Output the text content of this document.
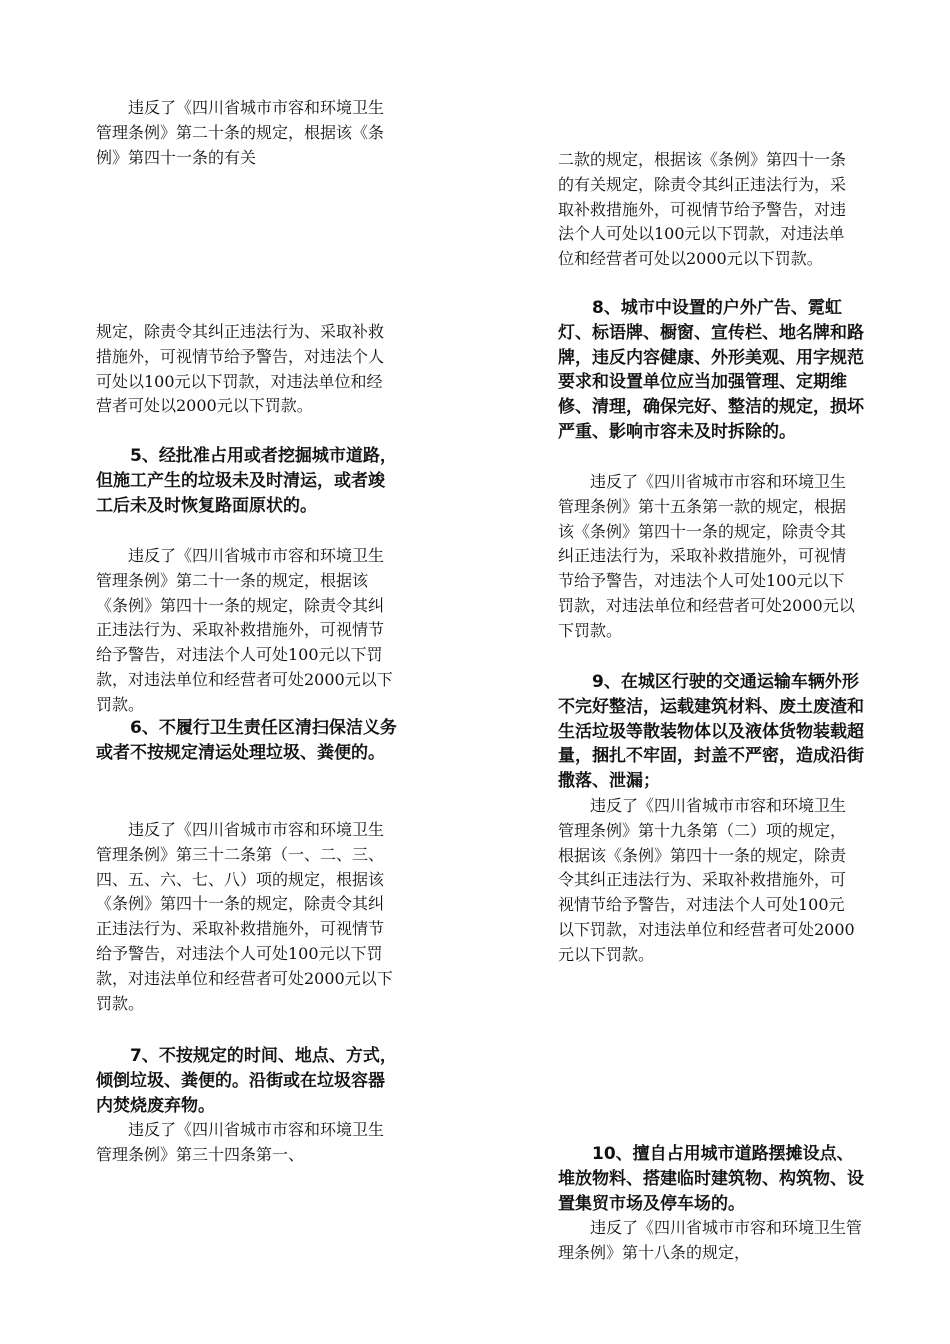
违反了《四川省城市市容和环境卫生管理条例》第二十条的规定，根据该《条例》第四十一条的有关
规定，除责令其纠正违法行为、采取补救措施外，可视情节给予警告，对违法个人可处以100元以下罚款，对违法单位和经营者可处以2000元以下罚款。
5、经批准占用或者挖掘城市道路，但施工产生的垃圾未及时清运，或者竣工后未及时恢复路面原状的。
违反了《四川省城市市容和环境卫生管理条例》第二十一条的规定，根据该《条例》第四十一条的规定，除责令其纠正违法行为、采取补救措施外，可视情节给予警告，对违法个人可处100元以下罚款，对违法单位和经营者可处2000元以下罚款。
6、不履行卫生责任区清扫保洁义务或者不按规定清运处理垃圾、粪便的。
违反了《四川省城市市容和环境卫生管理条例》第三十二条第（一、二、三、四、五、六、七、八）项的规定，根据该《条例》第四十一条的规定，除责令其纠正违法行为、采取补救措施外，可视情节给予警告，对违法个人可处100元以下罚款，对违法单位和经营者可处2000元以下罚款。
7、不按规定的时间、地点、方式，倾倒垃圾、粪便的。沿街或在垃圾容器内焚烧废弃物。
违反了《四川省城市市容和环境卫生管理条例》第三十四条第一、
二款的规定，根据该《条例》第四十一条的有关规定，除责令其纠正违法行为，采取补救措施外，可视情节给予警告，对违法个人可处以100元以下罚款，对违法单位和经营者可处以2000元以下罚款。
8、城市中设置的户外广告、霓虹灯、标语牌、橱窗、宣传栏、地名牌和路牌，违反内容健康、外形美观、用字规范要求和设置单位应当加强管理、定期维修、清理，确保完好、整洁的规定，损坏严重、影响市容未及时拆除的。
违反了《四川省城市市容和环境卫生管理条例》第十五条第一款的规定，根据该《条例》第四十一条的规定，除责令其纠正违法行为，采取补救措施外，可视情节给予警告，对违法个人可处100元以下罚款，对违法单位和经营者可处2000元以下罚款。
9、在城区行驶的交通运输车辆外形不完好整洁，运载建筑材料、废土废渣和生活垃圾等散装物体以及液体货物装载超量，捆扎不牢固，封盖不严密，造成沿街撒落、泄漏；
违反了《四川省城市市容和环境卫生管理条例》第十九条第（二）项的规定，根据该《条例》第四十一条的规定，除责令其纠正违法行为、采取补救措施外，可视情节给予警告，对违法个人可处100元以下罚款，对违法单位和经营者可处2000元以下罚款。
10、擅自占用城市道路摆摊设点、堆放物料、搭建临时建筑物、构筑物、设置集贸市场及停车场的。
违反了《四川省城市市容和环境卫生管理条例》第十八条的规定，
